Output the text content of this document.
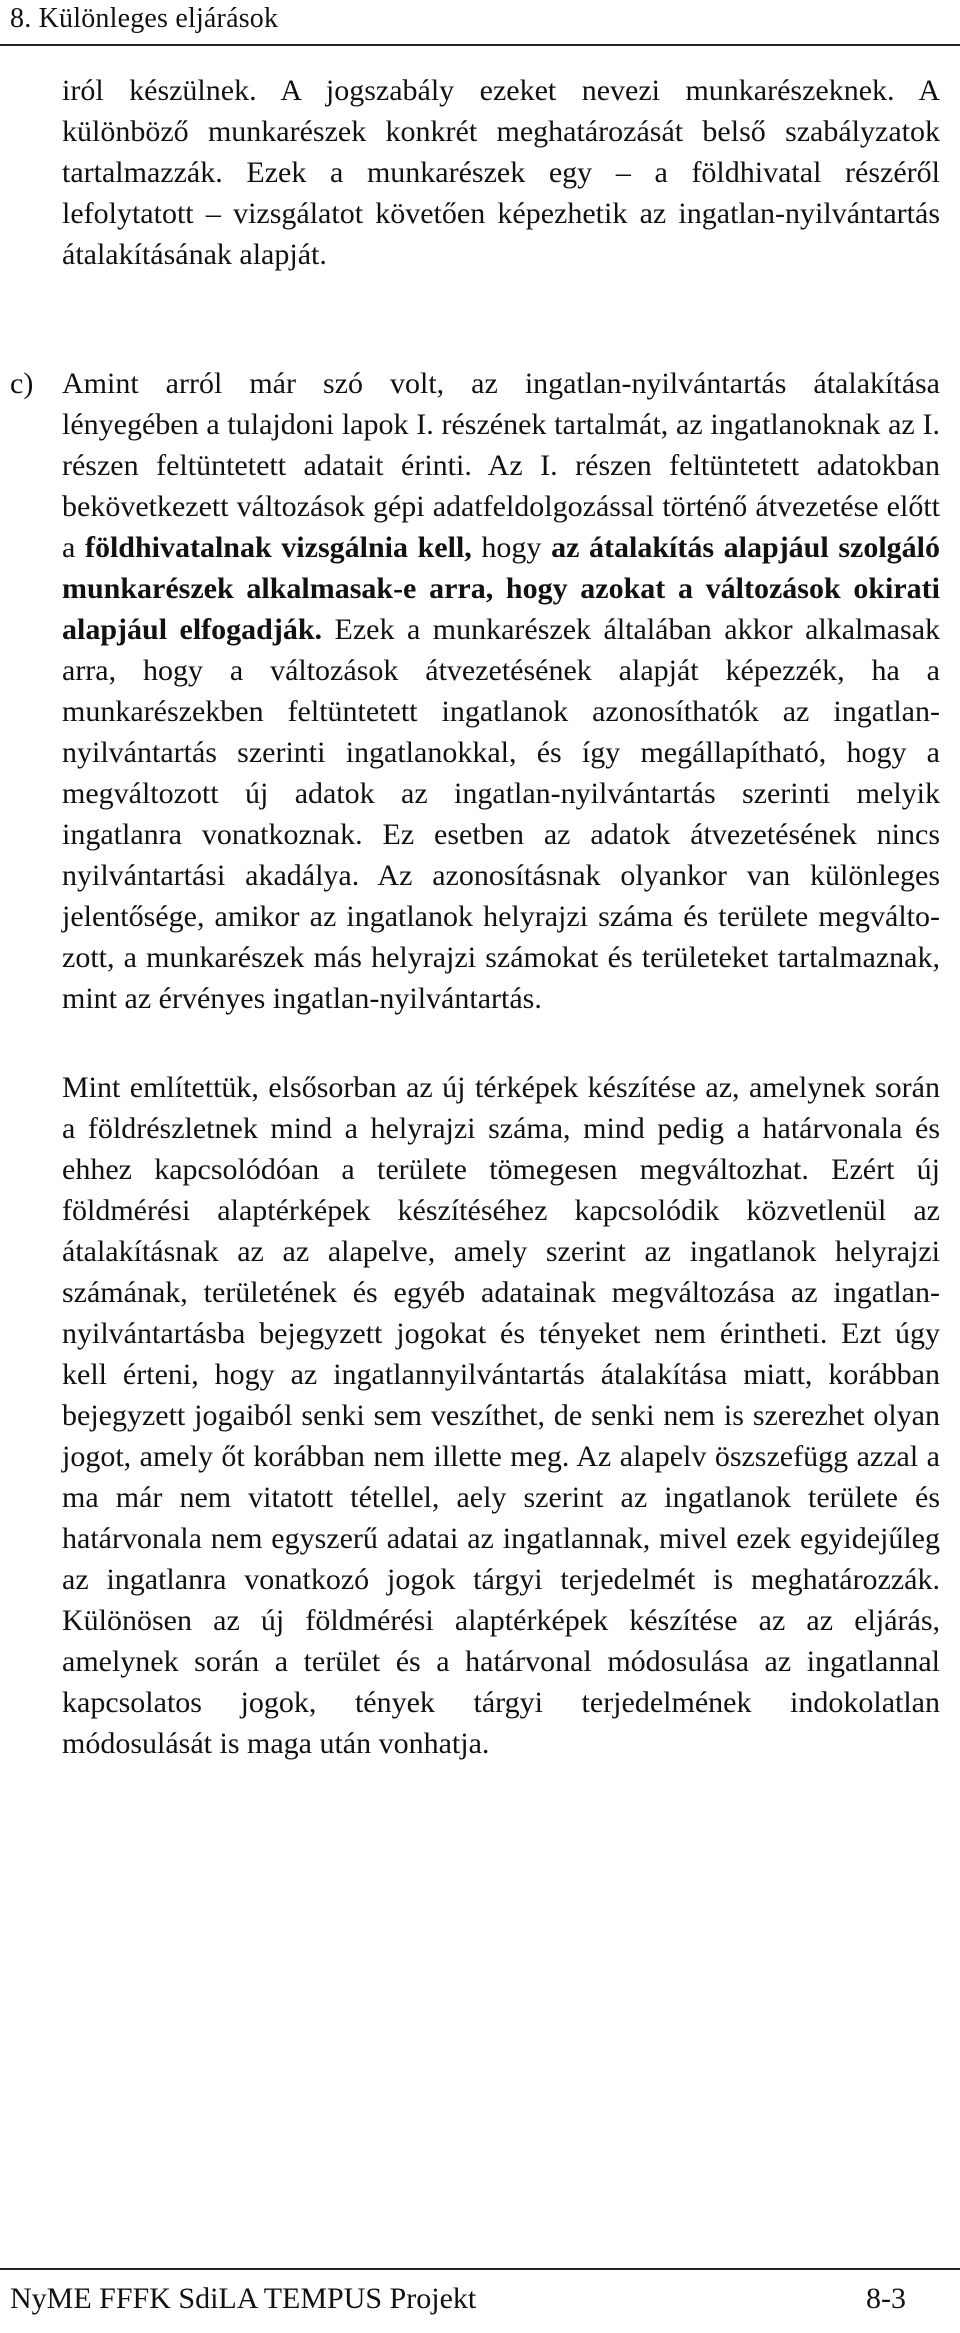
8. Különleges eljárások

iról készülnek. A jogszabály ezeket nevezi munkarészeknek. A különböző munkarészek konkrét meghatározását belső szabályzatok tartalmazzák. Ezek a munkarészek egy – a földhivatal részéről lefolytatott – vizsgálatot követően képezhetik az ingatlan-nyilvántartás átalakításának alapját.

c) Amint arról már szó volt, az ingatlan-nyilvántartás átalakítása lényegében a tulajdoni lapok I. részének tartalmát, az ingatlanoknak az I. részen feltüntetett adatait érinti. Az I. részen feltüntetett adatokban bekövetkezett változások gépi adatfeldolgozással történő átvezetése előtt a földhivatalnak vizsgálnia kell, hogy az átalakítás alapjául szolgáló munkarészek alkalmasak-e arra, hogy azokat a változások okirati alapjául elfogadják. Ezek a munkarészek általában akkor alkalmasak arra, hogy a változások átvezetésének alapját képezzék, ha a munkarészekben feltüntetett ingatlanok azonosíthatók az ingatlannyilvántartás szerinti ingatlanokkal, és így megállapítható, hogy a megváltozott új adatok az ingatlan-nyilvántartás szerinti melyik ingatlanra vonatkoznak. Ez esetben az adatok átvezetésének nincs nyilvántartási akadálya. Az azonosításnak olyankor van különleges jelentősége, amikor az ingatlanok helyrajzi száma és területe megváltozott, a munkarészek más helyrajzi számokat és területeket tartalmaznak, mint az érvényes ingatlan-nyilvántartás.

Mint említettük, elsősorban az új térképek készítése az, amelynek során a földrészletnek mind a helyrajzi száma, mind pedig a határvonala és ehhez kapcsolódóan a területe tömegesen megváltozhat. Ezért új földmérési alaptérképek készítéséhez kapcsolódik közvetlenül az átalakításnak az az alapelve, amely szerint az ingatlanok helyrajzi számának, területének és egyéb adatainak megváltozása az ingatlan-nyilvántartásba bejegyzett jogokat és tényeket nem érintheti. Ezt úgy kell érteni, hogy az ingatlannyilvántartás átalakítása miatt, korábban bejegyzett jogaiból senki sem veszíthet, de senki nem is szerezhet olyan jogot, amely őt korábban nem illette meg. Az alapelv öszszefügg azzal a ma már nem vitatott tétellel, aely szerint az ingatlanok területe és határvonala nem egyszerű adatai az ingatlannak, mivel ezek egyidejűleg az ingatlanra vonatkozó jogok tárgyi terjedelmét is meghatározzák. Különösen az új földmérési alaptérképek készítése az az eljárás, amelynek során a terület és a határvonal módosulása az ingatlannal kapcsolatos jogok, tények tárgyi terjedelmének indokolatlan módosulását is maga után vonhatja.

NyME FFFK SdiLA TEMPUS Projekt	8-3
